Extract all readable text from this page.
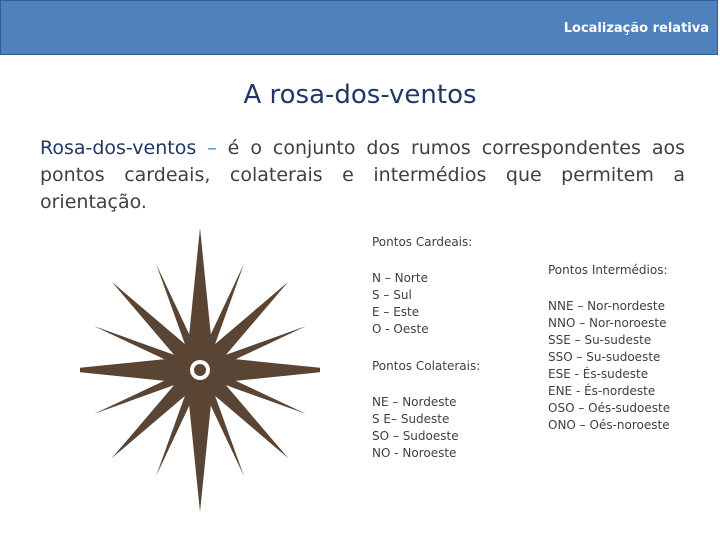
Localização relativa
A rosa-dos-ventos
Rosa-dos-ventos – é o conjunto dos rumos correspondentes aos pontos cardeais, colaterais e intermédios que permitem a orientação.
Pontos Cardeais:
N – Norte
S – Sul
E – Este
O - Oeste
Pontos Colaterais:
NE – Nordeste
S E– Sudeste
SO – Sudoeste
NO - Noroeste
Pontos Intermédios:
NNE – Nor-nordeste
NNO – Nor-noroeste
SSE – Su-sudeste
SSO – Su-sudoeste
ESE - És-sudeste
ENE - És-nordeste
OSO – Oés-sudoeste
ONO – Oés-noroeste
